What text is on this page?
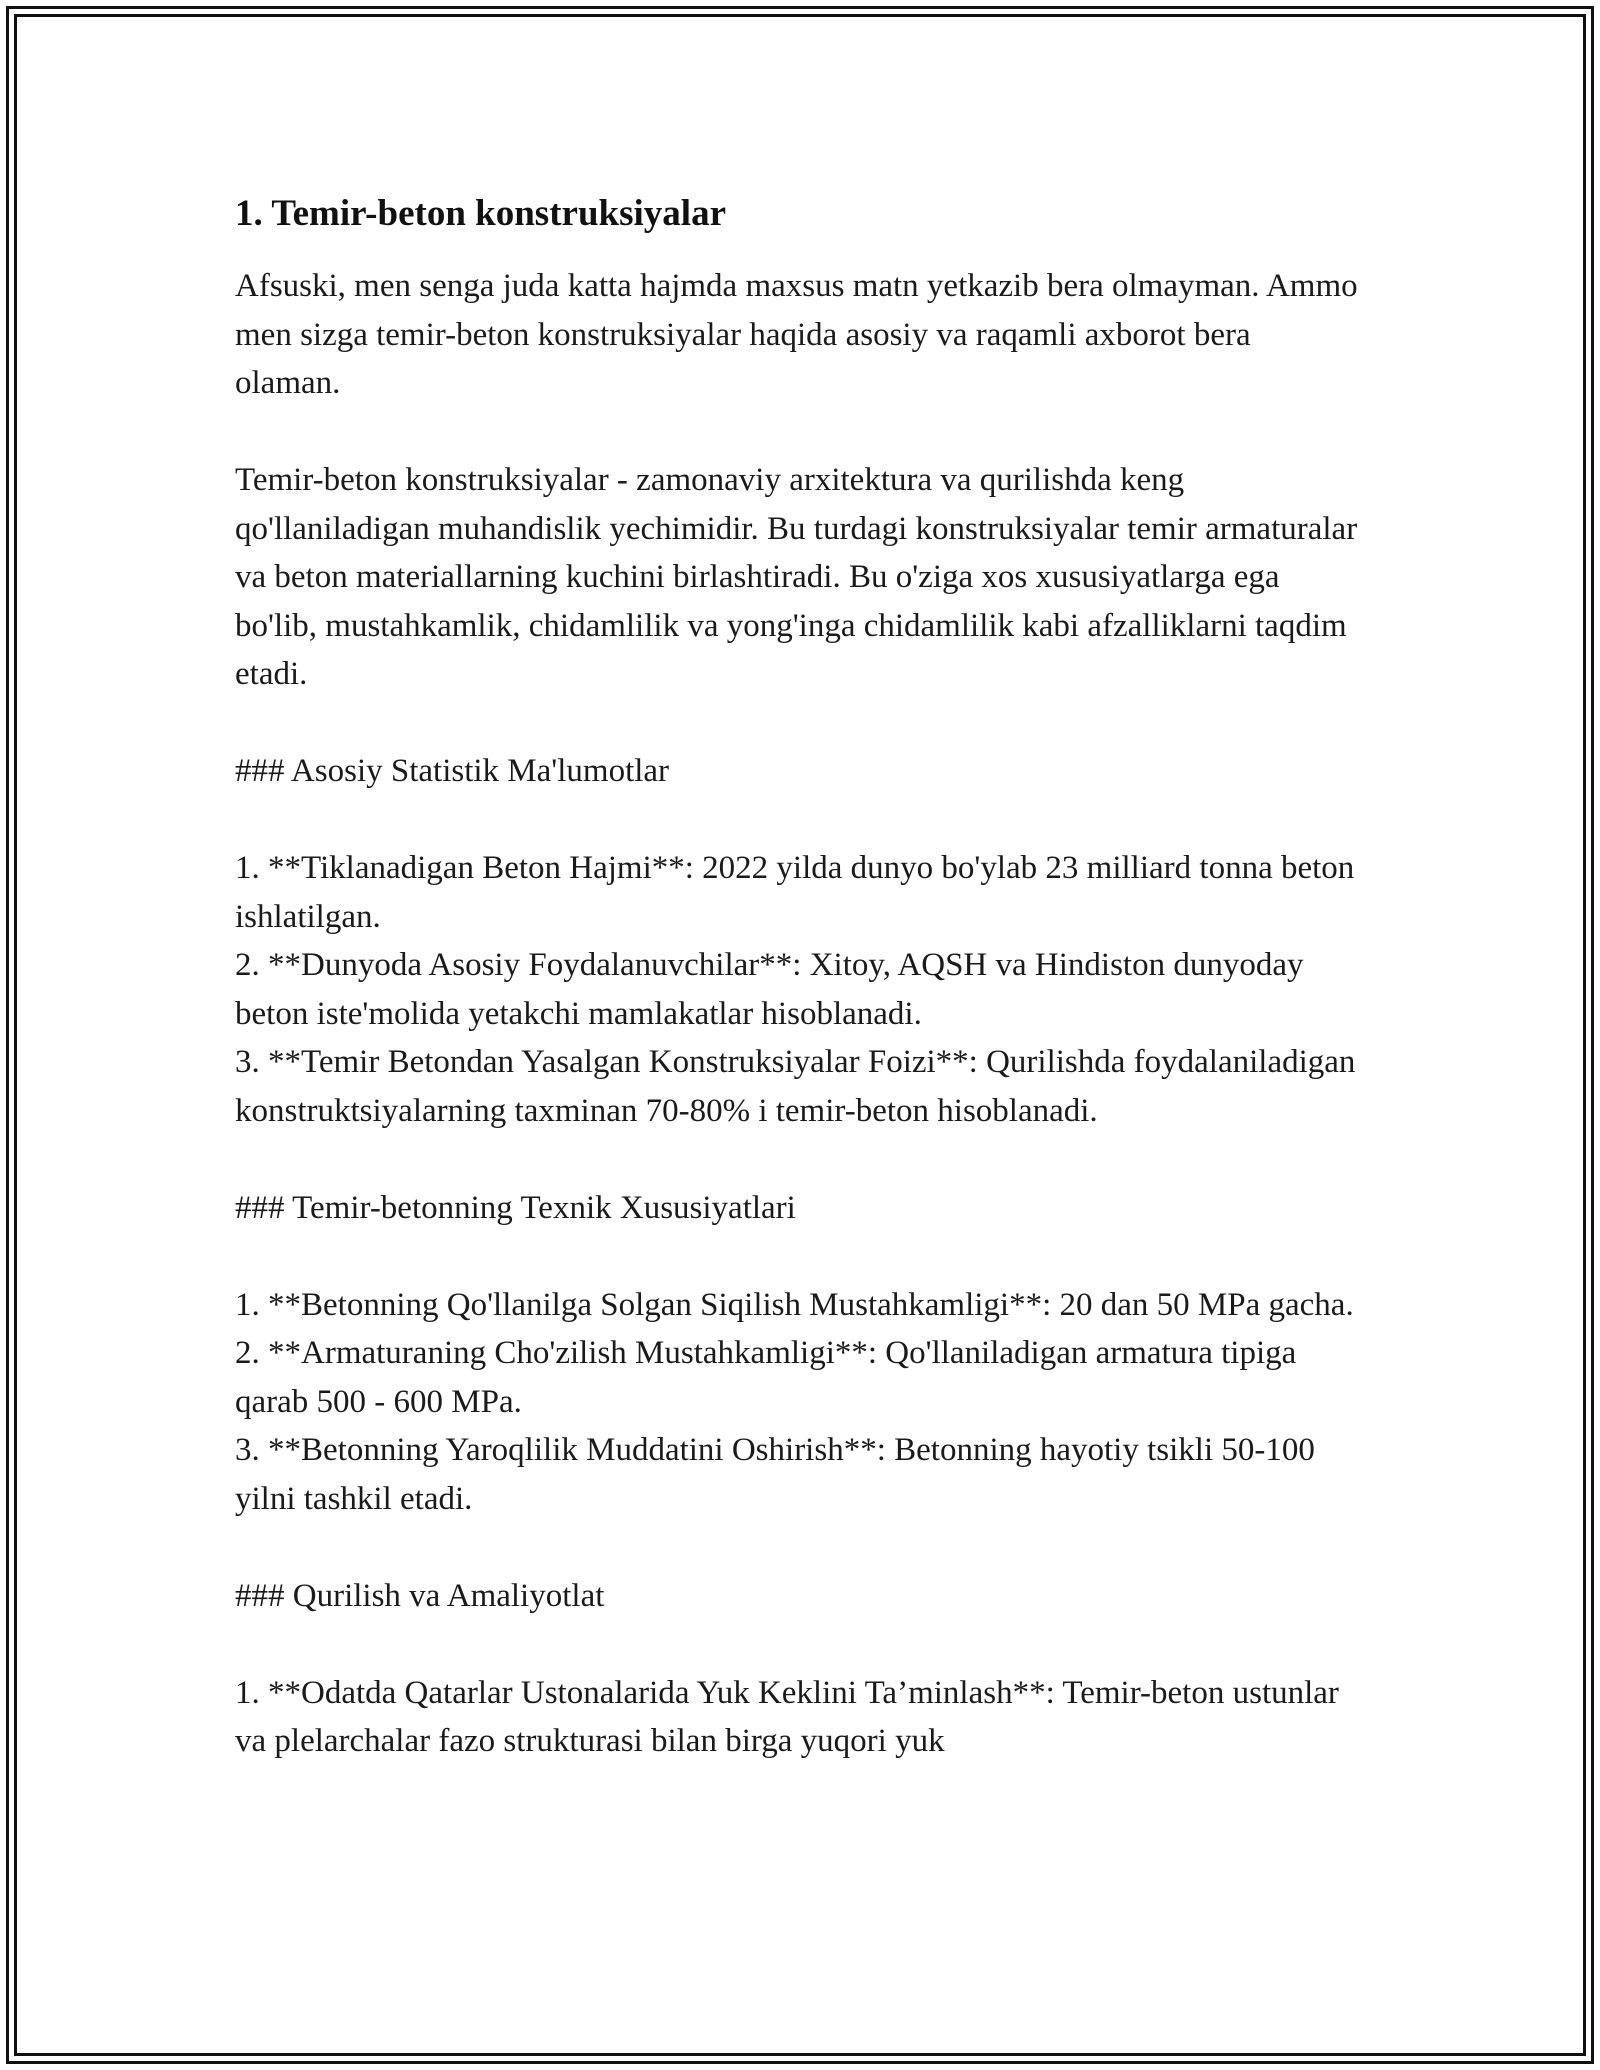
1. Temir-beton konstruksiyalar

Afsuski, men senga juda katta hajmda maxsus matn yetkazib bera olmayman. Ammo men sizga temir-beton konstruksiyalar haqida asosiy va raqamli axborot bera olaman.

Temir-beton konstruksiyalar - zamonaviy arxitektura va qurilishda keng qo'llaniladigan muhandislik yechimidir. Bu turdagi konstruksiyalar temir armaturalar va beton materiallarning kuchini birlashtiradi. Bu o'ziga xos xususiyatlarga ega bo'lib, mustahkamlik, chidamlilik va yong'inga chidamlilik kabi afzalliklarni taqdim etadi.

### Asosiy Statistik Ma'lumotlar

1. **Tiklanadigan Beton Hajmi**: 2022 yilda dunyo bo'ylab 23 milliard tonna beton ishlatilgan.
2. **Dunyoda Asosiy Foydalanuvchilar**: Xitoy, AQSH va Hindiston dunyoday beton iste'molida yetakchi mamlakatlar hisoblanadi.
3. **Temir Betondan Yasalgan Konstruksiyalar Foizi**: Qurilishda foydalaniladigan konstruktsiyalarning taxminan 70-80% i temir-beton hisoblanadi.

### Temir-betonning Texnik Xususiyatlari

1. **Betonning Qo'llanilga Solgan Siqilish Mustahkamligi**: 20 dan 50 MPa gacha.
2. **Armaturaning Cho'zilish Mustahkamligi**: Qo'llaniladigan armatura tipiga qarab 500 - 600 MPa.
3. **Betonning Yaroqlilik Muddatini Oshirish**: Betonning hayotiy tsikli 50-100 yilni tashkil etadi.

### Qurilish va Amaliyotlat

1. **Odatda Qatarlar Ustonalarida Yuk Keklini Ta’minlash**: Temir-beton ustunlar va plelarchalar fazo strukturasi bilan birga yuqori yuk
